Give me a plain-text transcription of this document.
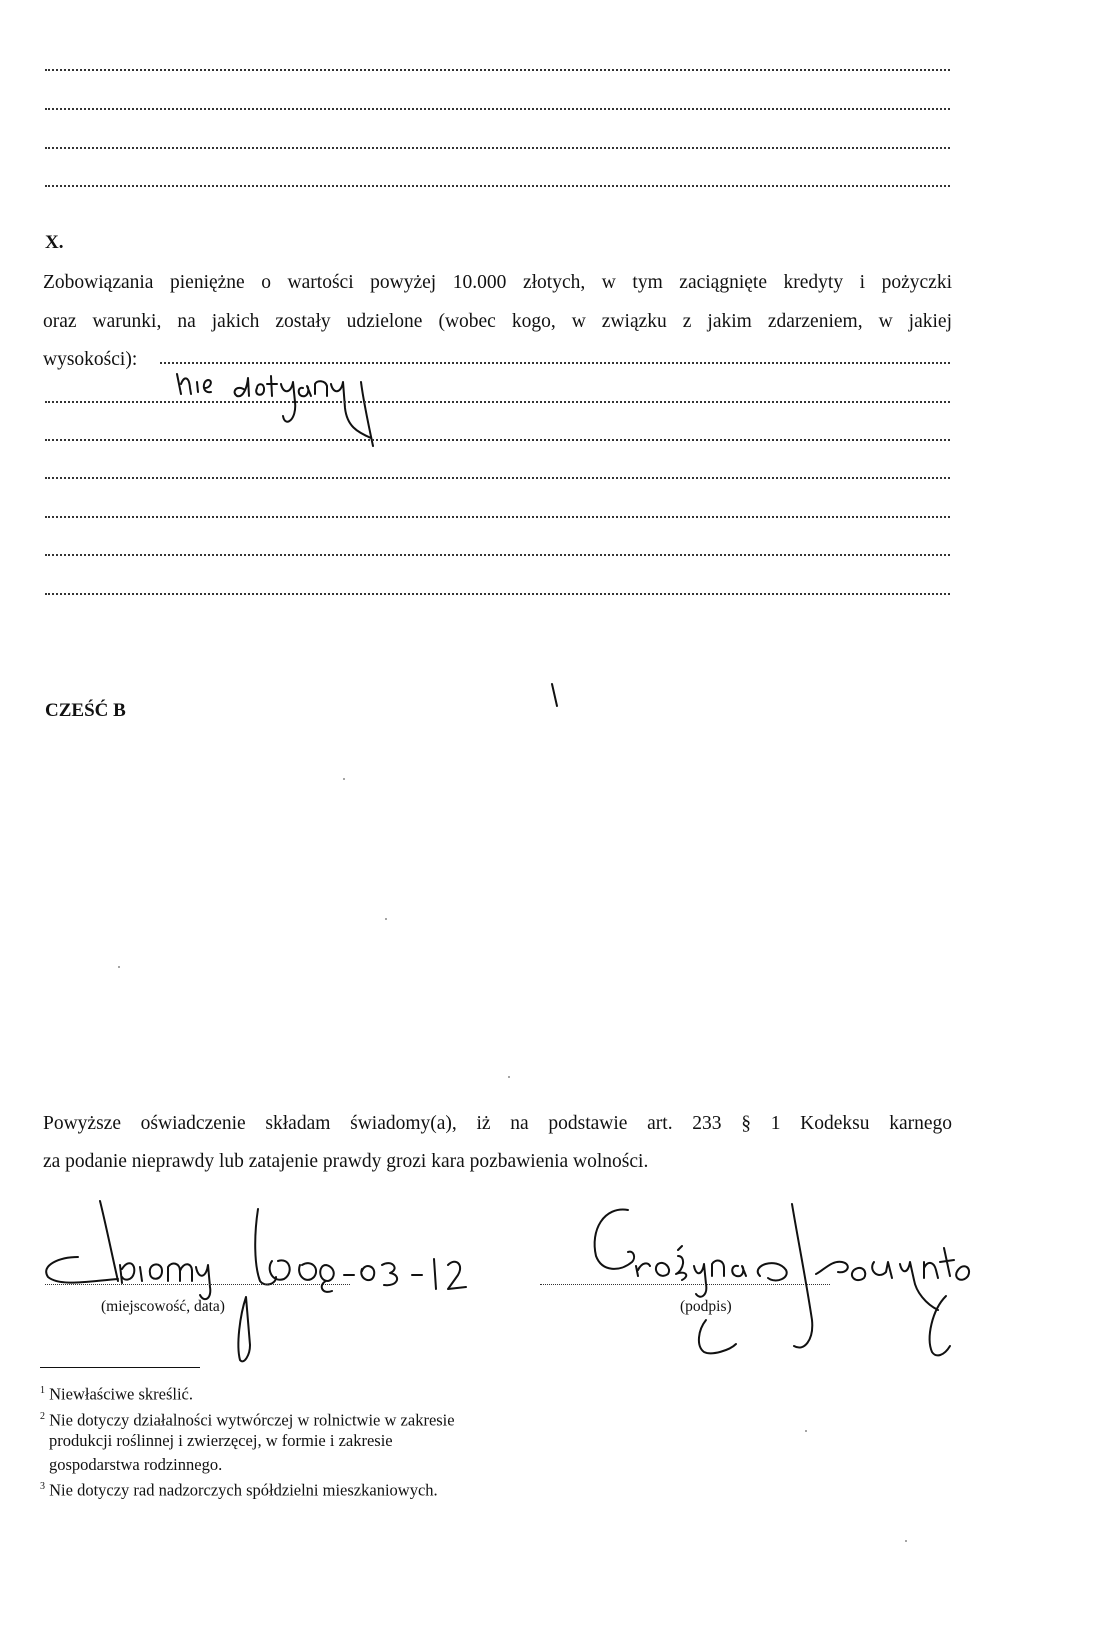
X.
Zobowiązania pieniężne o wartości powyżej 10.000 złotych, w tym zaciągnięte kredyty i pożyczki
oraz warunki, na jakich zostały udzielone (wobec kogo, w związku z jakim zdarzeniem, w jakiej
wysokości):
CZEŚĆ B
Powyższe oświadczenie składam świadomy(a), iż na podstawie art. 233 § 1 Kodeksu karnego
za podanie nieprawdy lub zatajenie prawdy grozi kara pozbawienia wolności.
(miejscowość, data)	(podpis)
$^1$ Niewłaściwe skreślić.
$^2$ Nie dotyczy działalności wytwórczej w rolnictwie w zakresie
produkcji roślinnej i zwierzęcej, w formie i zakresie
gospodarstwa rodzinnego.
$^3$ Nie dotyczy rad nadzorczych spółdzielni mieszkaniowych.
